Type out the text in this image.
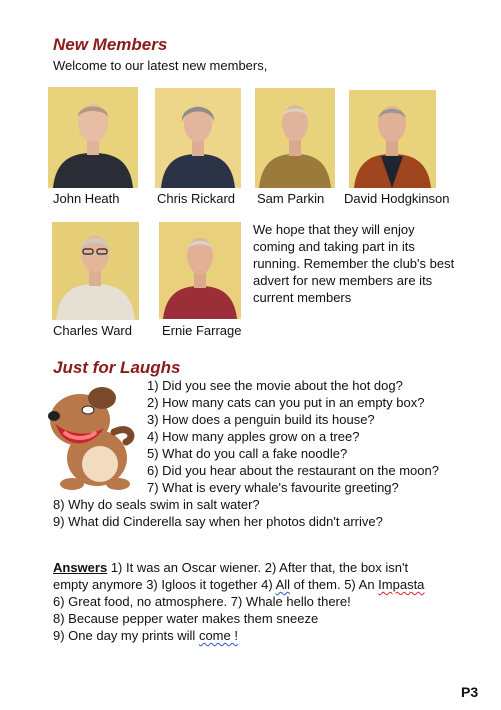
New Members
Welcome to our latest new members,
John Heath	Chris Rickard Sam Parkin David Hodgkinson
Charles Ward Ernie Farrage
We hope that they will enjoy
coming and taking part in its
running. Remember the club's best
advert for new members are its
current members
Just for Laughs
1) Did you see the movie about the hot dog?
2) How many cats can you put in an empty box?
3) How does a penguin build its house?
4) How many apples grow on a tree?
5) What do you call a fake noodle?
6) Did you hear about the restaurant on the moon?
7) What is every whale's favourite greeting?
8) Why do seals swim in salt water?
9) What did Cinderella say when her photos didn't arrive?
Answers 1) It was an Oscar wiener. 2) After that, the box isn't
empty anymore 3) Igloos it together 4) All of them. 5) An Impasta
6) Great food, no atmosphere. 7) Whale hello there!
8) Because pepper water makes them sneeze
9) One day my prints will come !
P3
